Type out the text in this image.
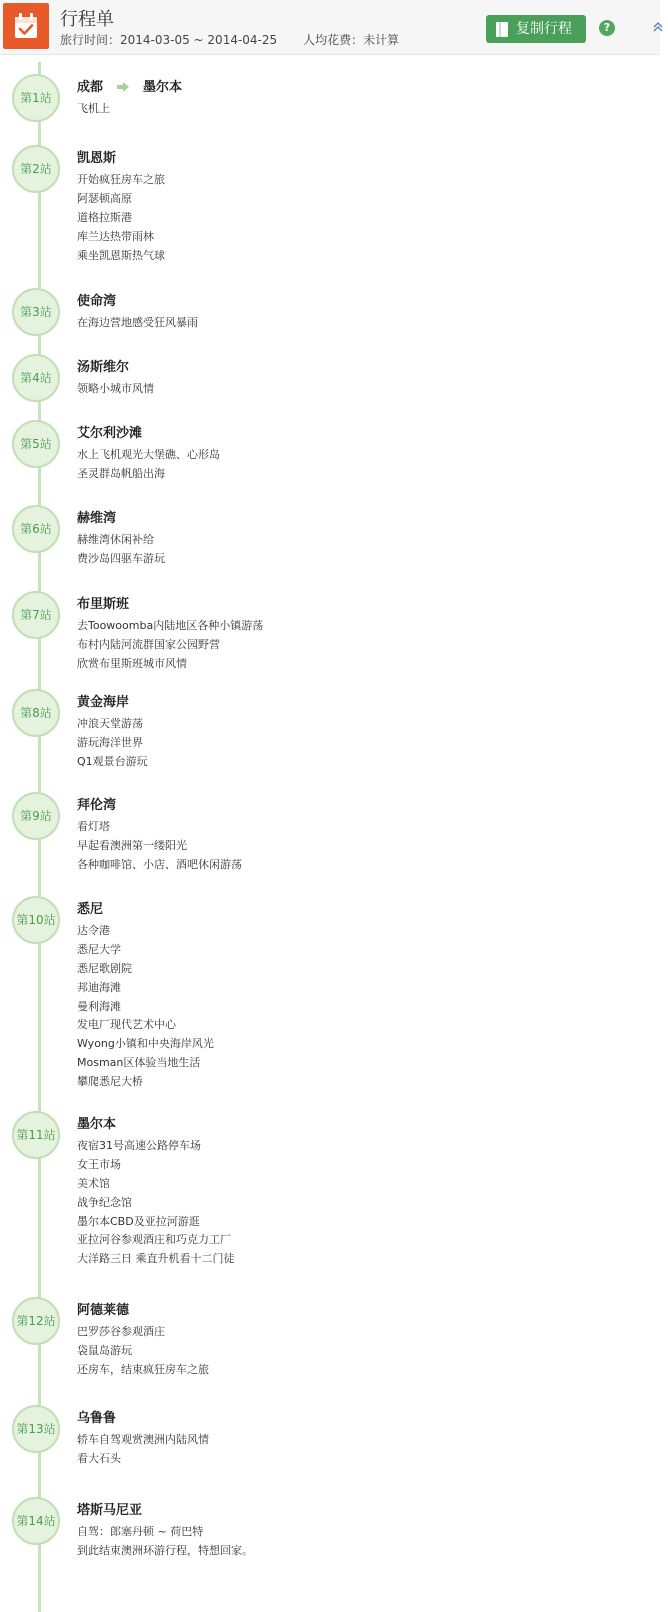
行程单
旅行时间：2014-03-05 ~ 2014-04-25 人均花费：未计算
复制行程	?
第1站
成都	墨尔本
飞机上
第2站
凯恩斯
开始疯狂房车之旅
阿瑟顿高原
道格拉斯港
库兰达热带雨林
乘坐凯恩斯热气球
第3站
使命湾
在海边营地感受狂风暴雨
第4站
汤斯维尔
领略小城市风情
第5站
艾尔利沙滩
水上飞机观光大堡礁、心形岛
圣灵群岛帆船出海
第6站
赫维湾
赫维湾休闲补给
费沙岛四驱车游玩
第7站
布里斯班
去Toowoomba内陆地区各种小镇游荡
布村内陆河流群国家公园野营
欣赏布里斯班城市风情
第8站
黄金海岸
冲浪天堂游荡
游玩海洋世界
Q1观景台游玩
第9站
拜伦湾
看灯塔
早起看澳洲第一缕阳光
各种咖啡馆、小店、酒吧休闲游荡
第10站
悉尼
达令港
悉尼大学
悉尼歌剧院
邦迪海滩
曼利海滩
发电厂现代艺术中心
Wyong小镇和中央海岸风光
Mosman区体验当地生活
攀爬悉尼大桥
第11站
墨尔本
夜宿31号高速公路停车场
女王市场
美术馆
战争纪念馆
墨尔本CBD及亚拉河游逛
亚拉河谷参观酒庄和巧克力工厂
大洋路三日 乘直升机看十二门徒
第12站
阿德莱德
巴罗莎谷参观酒庄
袋鼠岛游玩
还房车，结束疯狂房车之旅
第13站
乌鲁鲁
轿车自驾观赏澳洲内陆风情
看大石头
第14站
塔斯马尼亚
自驾：郎塞丹顿 ~ 荷巴特
到此结束澳洲环游行程，特想回家。
